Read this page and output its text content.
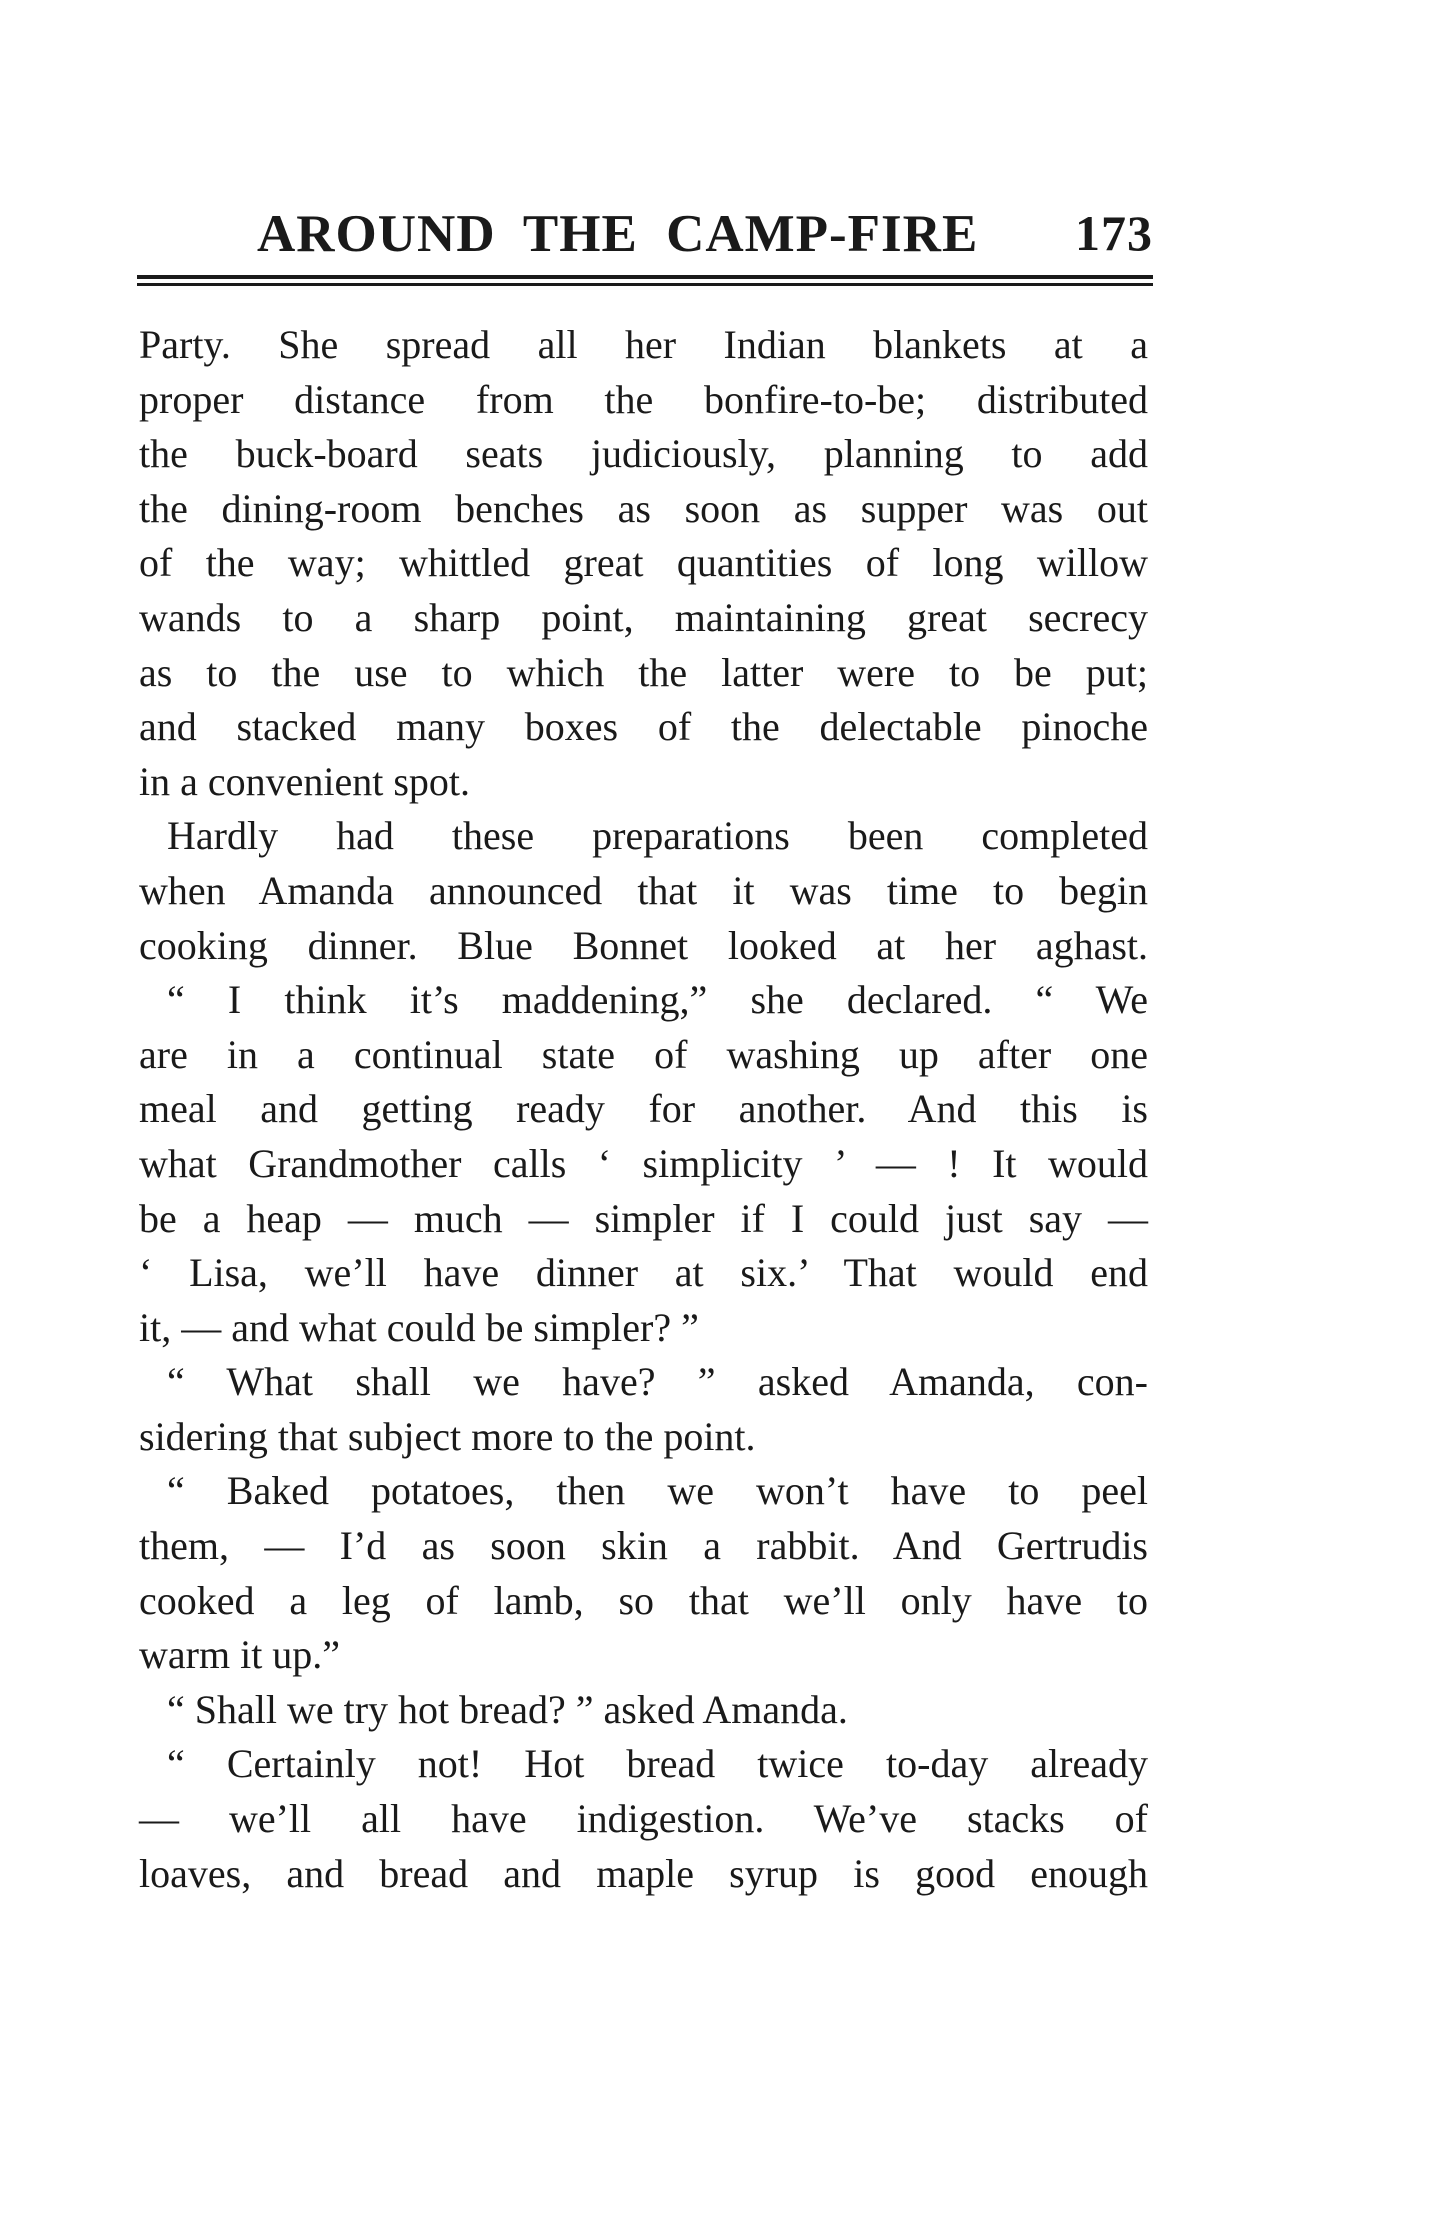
AROUND THE CAMP-FIRE 173
Party. She spread all her Indian blankets at a
proper distance from the bonfire-to-be; distributed
the buck-board seats judiciously, planning to add
the dining-room benches as soon as supper was out
of the way; whittled great quantities of long willow
wands to a sharp point, maintaining great secrecy
as to the use to which the latter were to be put;
and stacked many boxes of the delectable pinoche
in a convenient spot.
Hardly had these preparations been completed
when Amanda announced that it was time to begin
cooking dinner. Blue Bonnet looked at her aghast.
“ I think it’s maddening,” she declared. “ We
are in a continual state of washing up after one
meal and getting ready for another. And this is
what Grandmother calls ‘ simplicity ’ — ! It would
be a heap — much — simpler if I could just say —
‘ Lisa, we’ll have dinner at six.’ That would end
it, — and what could be simpler? ”
“ What shall we have? ” asked Amanda, con-
sidering that subject more to the point.
“ Baked potatoes, then we won’t have to peel
them, — I’d as soon skin a rabbit. And Gertrudis
cooked a leg of lamb, so that we’ll only have to
warm it up.”
“ Shall we try hot bread? ” asked Amanda.
“ Certainly not! Hot bread twice to-day already
— we’ll all have indigestion. We’ve stacks of
loaves, and bread and maple syrup is good enough
